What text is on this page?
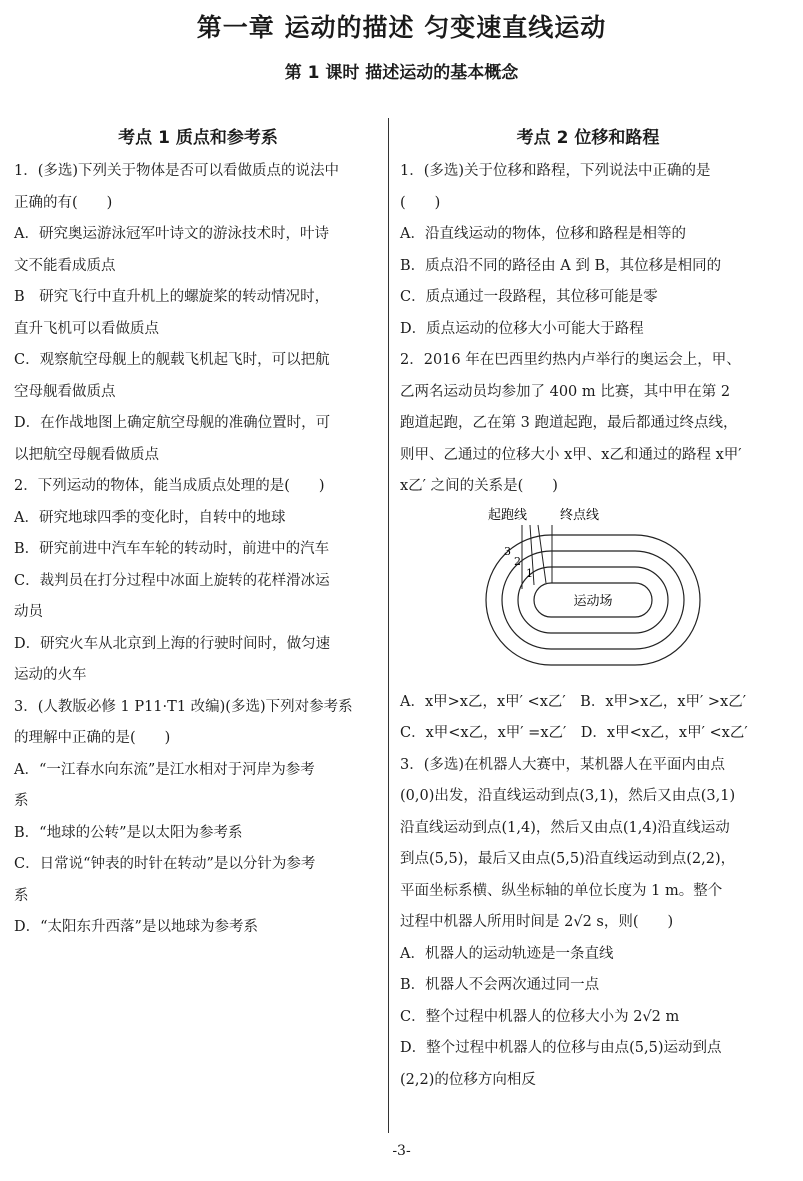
第一章 运动的描述 匀变速直线运动
第 1 课时 描述运动的基本概念
考点 1 质点和参考系
1．(多选)下列关于物体是否可以看做质点的说法中
正确的有(　　)
A．研究奥运游泳冠军叶诗文的游泳技术时，叶诗
文不能看成质点
B　研究飞行中直升机上的螺旋桨的转动情况时，
直升飞机可以看做质点
C．观察航空母舰上的舰载飞机起飞时，可以把航
空母舰看做质点
D．在作战地图上确定航空母舰的准确位置时，可
以把航空母舰看做质点
2．下列运动的物体，能当成质点处理的是(　　)
A．研究地球四季的变化时，自转中的地球
B．研究前进中汽车车轮的转动时，前进中的汽车
C．裁判员在打分过程中冰面上旋转的花样滑冰运
动员
D．研究火车从北京到上海的行驶时间时，做匀速
运动的火车
3．(人教版必修 1 P11·T1 改编)(多选)下列对参考系
的理解中正确的是(　　)
A．“一江春水向东流”是江水相对于河岸为参考
系
B．“地球的公转”是以太阳为参考系
C．日常说“钟表的时针在转动”是以分针为参考
系
D．“太阳东升西落”是以地球为参考系
考点 2 位移和路程
1．(多选)关于位移和路程，下列说法中正确的是
(　　)
A．沿直线运动的物体，位移和路程是相等的
B．质点沿不同的路径由 A 到 B，其位移是相同的
C．质点通过一段路程，其位移可能是零
D．质点运动的位移大小可能大于路程
2．2016 年在巴西里约热内卢举行的奥运会上，甲、
乙两名运动员均参加了 400 m 比赛，其中甲在第 2
跑道起跑，乙在第 3 跑道起跑，最后都通过终点线，
则甲、乙通过的位移大小 x甲、x乙和通过的路程 x甲′
x乙′ 之间的关系是(　　)
起跑线	终点线
3
2
1
运动场
A．x甲>x乙，x甲′ <x乙′　B．x甲>x乙，x甲′ >x乙′
C．x甲<x乙，x甲′ =x乙′　D．x甲<x乙，x甲′ <x乙′
3．(多选)在机器人大赛中，某机器人在平面内由点
(0,0)出发，沿直线运动到点(3,1)，然后又由点(3,1)
沿直线运动到点(1,4)，然后又由点(1,4)沿直线运动
到点(5,5)，最后又由点(5,5)沿直线运动到点(2,2)，
平面坐标系横、纵坐标轴的单位长度为 1 m。整个
过程中机器人所用时间是 2√2 s，则(　　)
A．机器人的运动轨迹是一条直线
B．机器人不会两次通过同一点
C．整个过程中机器人的位移大小为 2√2 m
D．整个过程中机器人的位移与由点(5,5)运动到点
(2,2)的位移方向相反
-3-
